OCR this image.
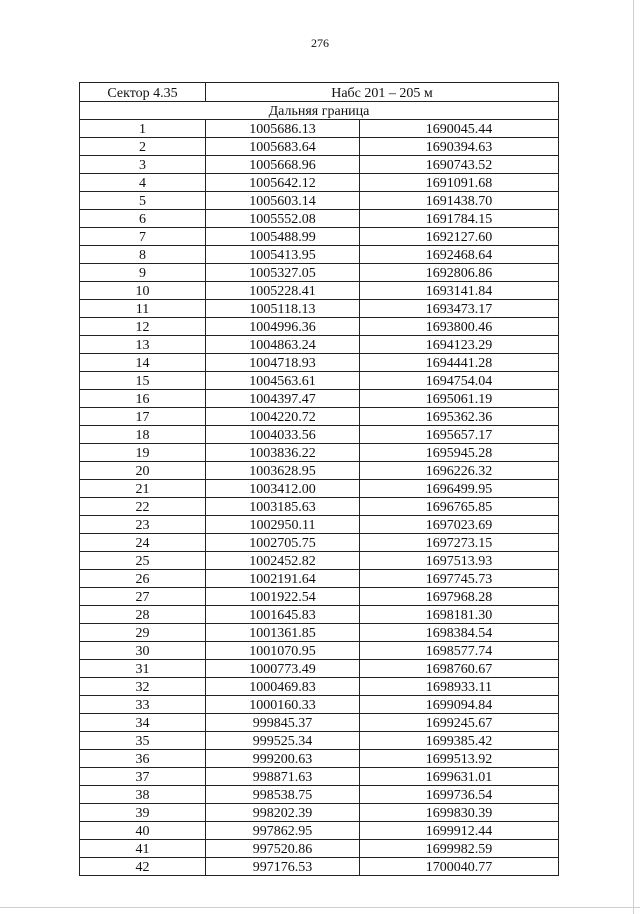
276
Сектор 4.35	Набс 201 – 205 м	
Дальняя граница		
1	1005686.13	1690045.44
2	1005683.64	1690394.63
3	1005668.96	1690743.52
4	1005642.12	1691091.68
5	1005603.14	1691438.70
6	1005552.08	1691784.15
7	1005488.99	1692127.60
8	1005413.95	1692468.64
9	1005327.05	1692806.86
10	1005228.41	1693141.84
11	1005118.13	1693473.17
12	1004996.36	1693800.46
13	1004863.24	1694123.29
14	1004718.93	1694441.28
15	1004563.61	1694754.04
16	1004397.47	1695061.19
17	1004220.72	1695362.36
18	1004033.56	1695657.17
19	1003836.22	1695945.28
20	1003628.95	1696226.32
21	1003412.00	1696499.95
22	1003185.63	1696765.85
23	1002950.11	1697023.69
24	1002705.75	1697273.15
25	1002452.82	1697513.93
26	1002191.64	1697745.73
27	1001922.54	1697968.28
28	1001645.83	1698181.30
29	1001361.85	1698384.54
30	1001070.95	1698577.74
31	1000773.49	1698760.67
32	1000469.83	1698933.11
33	1000160.33	1699094.84
34	999845.37	1699245.67
35	999525.34	1699385.42
36	999200.63	1699513.92
37	998871.63	1699631.01
38	998538.75	1699736.54
39	998202.39	1699830.39
40	997862.95	1699912.44
41	997520.86	1699982.59
42	997176.53	1700040.77
